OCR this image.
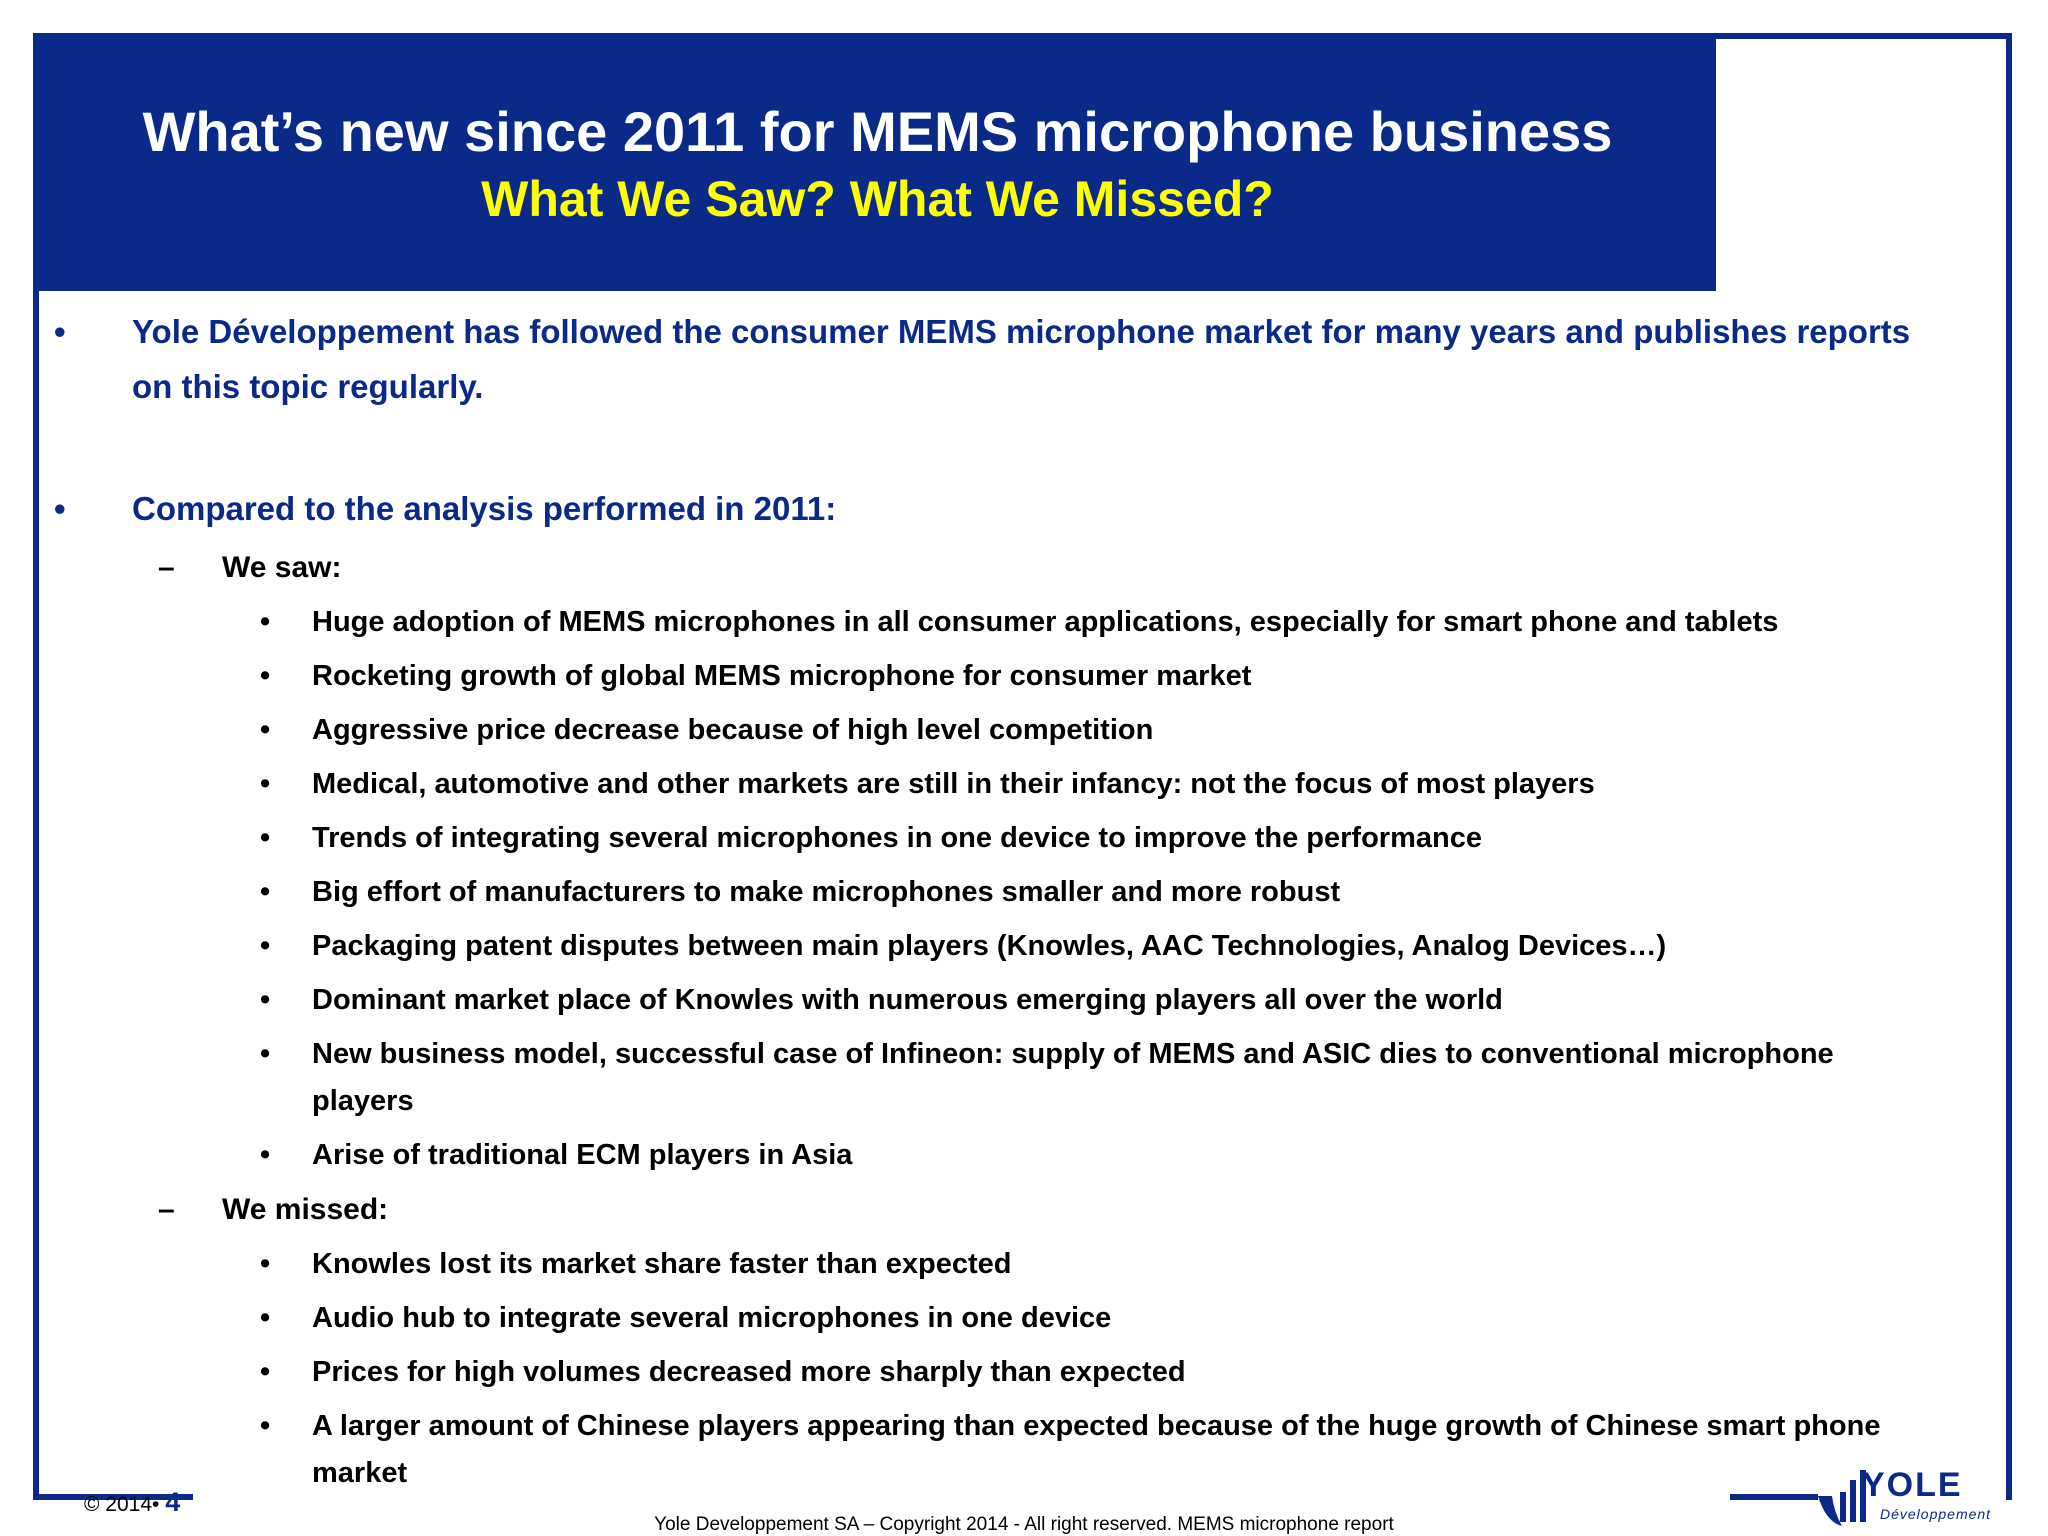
What’s new since 2011 for MEMS microphone business
What We Saw? What We Missed?
• Yole Développement has followed the consumer MEMS microphone market for many years and publishes reports
on this topic regularly.
• Compared to the analysis performed in 2011:
– We saw:
• Huge adoption of MEMS microphones in all consumer applications, especially for smart phone and tablets
• Rocketing growth of global MEMS microphone for consumer market
• Aggressive price decrease because of high level competition
• Medical, automotive and other markets are still in their infancy: not the focus of most players
• Trends of integrating several microphones in one device to improve the performance
• Big effort of manufacturers to make microphones smaller and more robust
• Packaging patent disputes between main players (Knowles, AAC Technologies, Analog Devices…)
• Dominant market place of Knowles with numerous emerging players all over the world
• New business model, successful case of Infineon: supply of MEMS and ASIC dies to conventional microphone
players
• Arise of traditional ECM players in Asia
– We missed:
• Knowles lost its market share faster than expected
• Audio hub to integrate several microphones in one device
• Prices for high volumes decreased more sharply than expected
• A larger amount of Chinese players appearing than expected because of the huge growth of Chinese smart phone
market
© 2014• 4
Yole Developpement SA – Copyright 2014 - All right reserved. MEMS microphone report
YOLE
Développement
